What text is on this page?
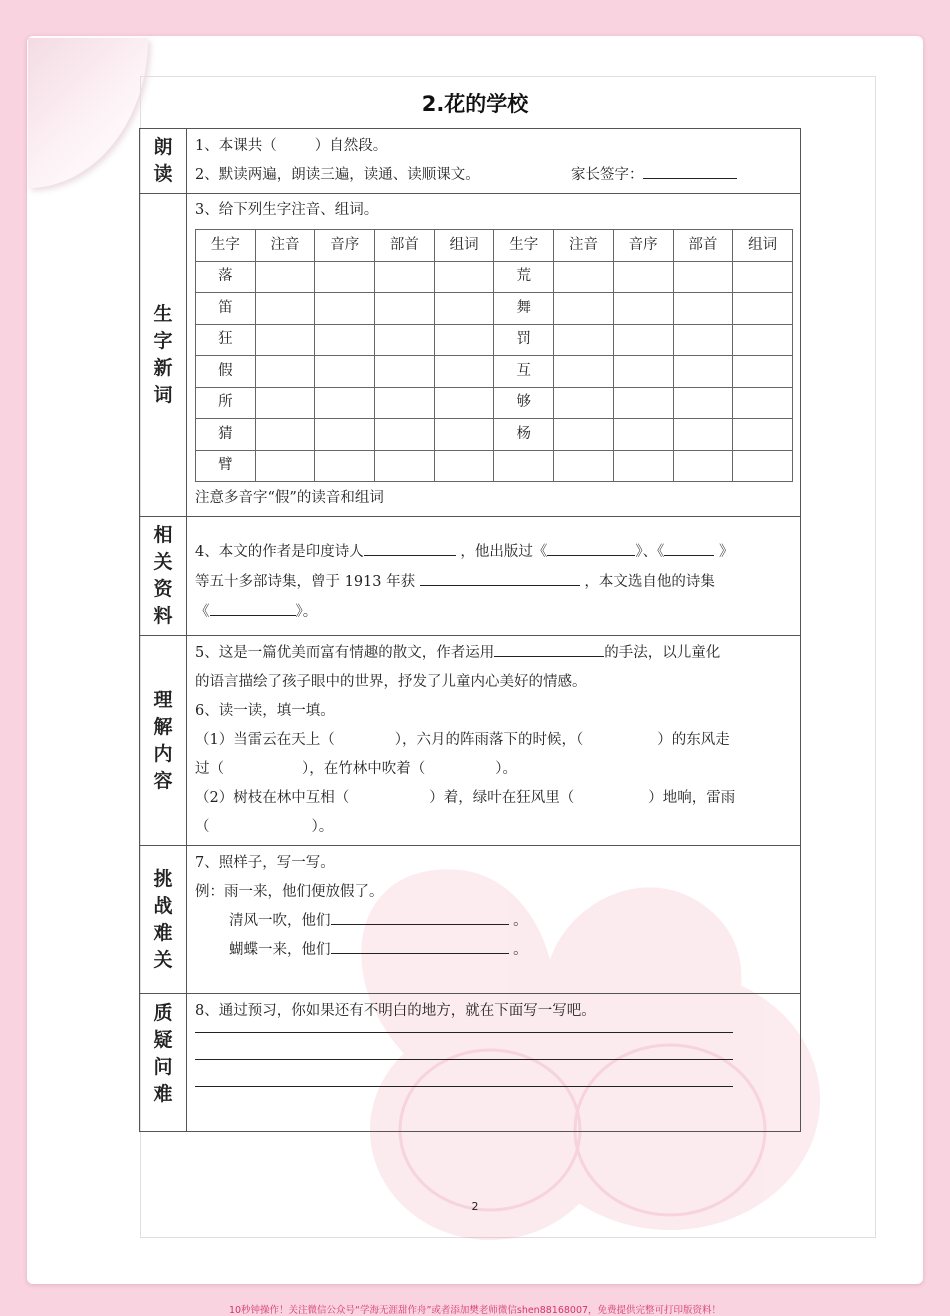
2.花的学校
朗读	
1、本课共（	）自然段。
2、默读两遍，朗读三遍，读通、读顺课文。	家长签字：

生字新词	
3、给下列生字注音、组词。
生字	注音	音序	部首	组词	生字	注音	音序	部首	组词
落					荒				
笛					舞				
狂					罚				
假					互				
所					够				
猜					杨				
臂									
注意多音字“假”的读音和组词

相关资料	
4、本文的作者是印度诗人	，他出版过《	》、《	》
等五十多部诗集，曾于 1913 年获	，本文选自他的诗集
《	》。

理解内容	
5、这是一篇优美而富有情趣的散文，作者运用	的手法，以儿童化
的语言描绘了孩子眼中的世界，抒发了儿童内心美好的情感。
6、读一读，填一填。
（1）当雷云在天上（	），六月的阵雨落下的时候，（	）的东风走
过（	），在竹林中吹着（	）。
（2）树枝在林中互相（	）着，绿叶在狂风里（	）地响，雷雨
（	）。

挑战难关	
7、照样子，写一写。
例：雨一来，他们便放假了。
清风一吹，他们	。
蝴蝶一来，他们	。

质疑问难	
8、通过预习，你如果还有不明白的地方，就在下面写一写吧。
2
10秒钟操作！关注微信公众号“学海无涯甜作舟”或者添加樊老师微信shen88168007，免费提供完整可打印版资料！
